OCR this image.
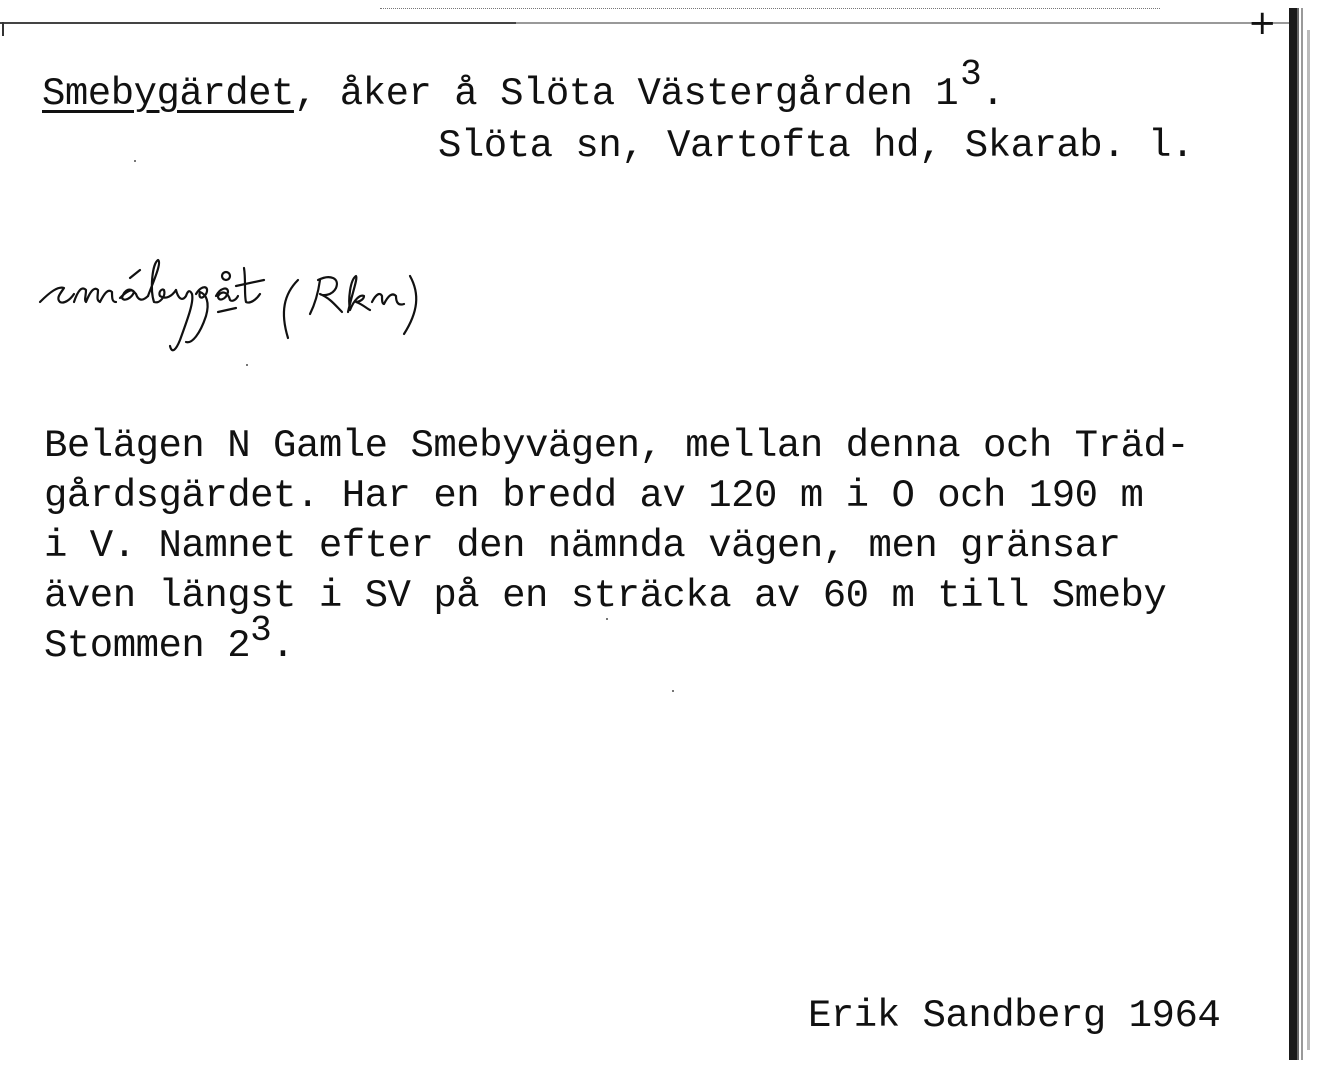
+
Smebygärdet, åker å Slöta Västergården 13.
Slöta sn, Vartofta hd, Skarab. l.
Belägen N Gamle Smebyvägen, mellan denna och Träd-
gårdsgärdet. Har en bredd av 120 m i O och 190 m
i V. Namnet efter den nämnda vägen, men gränsar
även längst i SV på en sträcka av 60 m till Smeby
Stommen 23.
Erik Sandberg 1964
